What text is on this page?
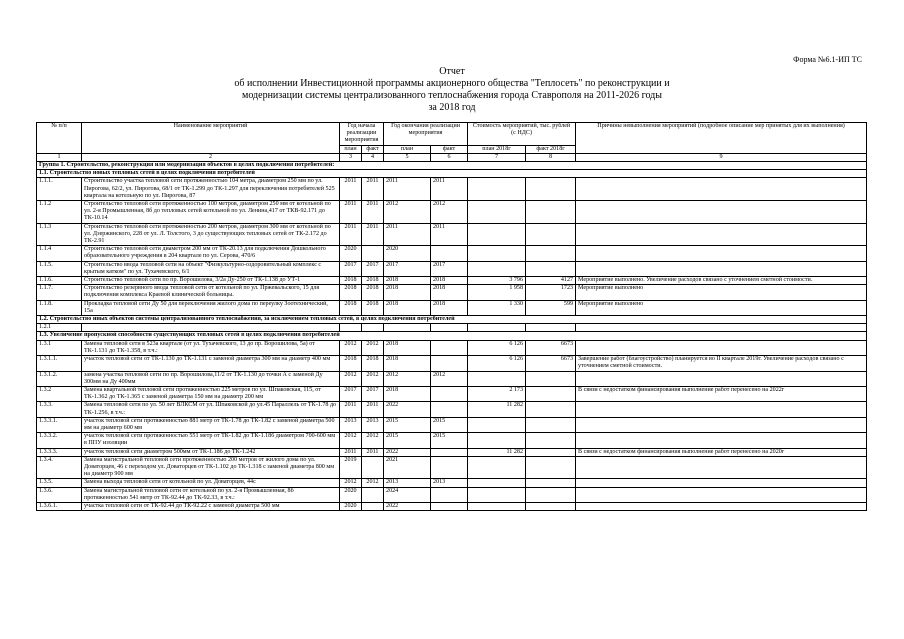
Форма №6.1-ИП ТС
Отчет
об исполнении Инвестиционной программы акционерного общества "Теплосеть" по реконструкции и
модернизации системы централизованного теплоснабжения города Ставрополя на 2011-2026 годы
за 2018 год
№ п/п	Наименование мероприятий	Год начала реализации мероприятия		Год окончания реализации мероприятия		Стоимость мероприятий, тыс. рублей (с НДС)		Причины невыполнения мероприятий (подробное описание мер принятых для их выполнения)
		план	факт	план	факт	план 2018г	факт 2018г	
1	2	3	4	5	6	7	8	9
Группа 1. Строительство, реконструкция или модернизация объектов в целях подключения потребителей:								
1.1. Строительство новых тепловых сетей в целях подключения потребителей								
1.1.1.	Строительство участка тепловой сети протяженностью 104 метра, диаметром 250 мм по ул. Пирогова, 62/2, ул. Пирогова, 68/1 от ТК-1.299 до ТК-1.297 для переключения потребителей 525 квартала на котельную по ул. Пирогова, 87	2011	2011	2011	2011			
1.1.2	Строительство тепловой сети протяженностью 100 метров, диаметром 250 мм от котельной по ул. 2-я Промышленная, 8б до тепловых сетей котельной по ул. Ленина,417 от ТКВ-92.171 до ТК-10.14	2011	2011	2012	2012			
1.1.3	Строительство тепловой сети протяженностью 200 метров, диаметром 300 мм от котельной по ул. Дзержинского, 228 от ул. Л. Толстого, 3 до существующих тепловых сетей от ТК-2.172 до ТК-2.91	2011	2011	2011	2011			
1.1.4	Строительство тепловой сети диаметром 200 мм от ТК-20.13 для подключения Дошкольного образовательного учреждения в 204 квартале по ул. Серова, 470/6	2020		2020				
1.1.5.	Строительство ввода тепловой сети на объект "Физкультурно-оздоровительный комплекс с крытым катком" по ул. Тухачевского, 6/1	2017	2017	2017	2017			
1.1.6.	Строительство тепловой сети по пр. Ворошилова, 3/2а Ду-250 от ТК-1.138 до УТ-1	2018	2018	2018	2018	3 796	4127	Мероприятие выполнено. Увеличение расходов связано с уточнением сметной стоимости.
1.1.7.	Строительство резервного ввода тепловой сети от котельной по ул. Пржевальского, 15 для подключения комплекса Краевой клинической больницы.	2018	2018	2018	2018	1 958	1723	Мероприятие выполнено
1.1.8.	Прокладка тепловой сети Ду 50 для переключения жилого дома по переулку Зоотехнический, 15а	2018	2018	2018	2018	1 330	599	Мероприятие выполнено
1.2. Строительство иных объектов системы централизованного теплоснабжения, за исключением тепловых сетей, в целях подключения потребителей								
1.2.1								
1.3. Увеличение пропускной способности существующих тепловых сетей в целях подключения потребителей								
1.3.1	Замена тепловой сети в 523а квартале (от ул. Тухачевского, 13 до пр. Ворошилова, 5а) от ТК-1.131 до ТК-1.358, в т.ч.:	2012	2012	2018		6 126	6673	
1.3.1.1.	участок тепловой сети от ТК-1.130 до ТК-1.131 с заменой диаметра 300 мм на диаметр 400 мм	2018	2018	2018		6 126	6673	Завершение работ (благоустройство) планируется во II квартале 2019г. Увеличение расходов связано с уточнением сметной стоимости.
1.3.1.2.	замена участка тепловой сети по пр. Ворошилова,11/2 от ТК-1.130 до точки А с заменой Ду 300мм на Ду 400мм	2012	2012	2012	2012			
1.3.2	Замена квартальной тепловой сети протяженностью 225 метров по ул. Шпаковская, 115, от ТК-1.362 до ТК-1.365 с заменой диаметра 150 мм на диаметр 200 мм	2017	2017	2018		2 173		В связи с недостатком финансирования выполнение работ перенесено на 2022г
1.3.3.	Замена тепловой сети по ул. 50 лет ВЛКСМ от ул. Шпаковской до ул.45 Параллель от ТК-1.78 до ТК-1.256, в т.ч.:	2011	2011	2022		11 282		
1.3.3.1.	участок тепловой сети протяженностью 881 метр от ТК-1.78 до ТК-1.82 с заменой диаметра 500 мм на диаметр 600 мм	2013	2013	2015	2015			
1.3.3.2.	участок тепловой сети протяженностью 551 метр от ТК-1.82 до ТК-1.186 диаметром 700-600 мм в ППУ изоляции	2012	2012	2015	2015			
1.3.3.3.	участок тепловой сети диаметром 500мм от ТК-1.186 до ТК-1.242	2011	2011	2022		11 282		В связи с недостатком финансирования выполнение работ перенесено на 2020г
1.3.4.	Замена магистральной тепловой сети протяженностью 200 метров от жилого дома по ул. Доваторцев, 46 с переходом ул. Доваторцев от ТК-1.102 до ТК-1.318 с заменой диаметра 800 мм на диаметр 900 мм	2019		2021				
1.3.5.	Замена выхода тепловой сети от котельной по ул. Доваторцев, 44с	2012	2012	2013	2013			
1.3.6.	Замена магистральной тепловой сети от котельной по ул. 2-я Промышленная, 8б протяженностью 541 метр от ТК-92.44 до ТК-92.33, в т.ч.:	2020		2024				
1.3.6.1.	участка тепловой сети от ТК-92.44 до ТК-92.22 с заменой диаметра 500 мм	2020		2022				
